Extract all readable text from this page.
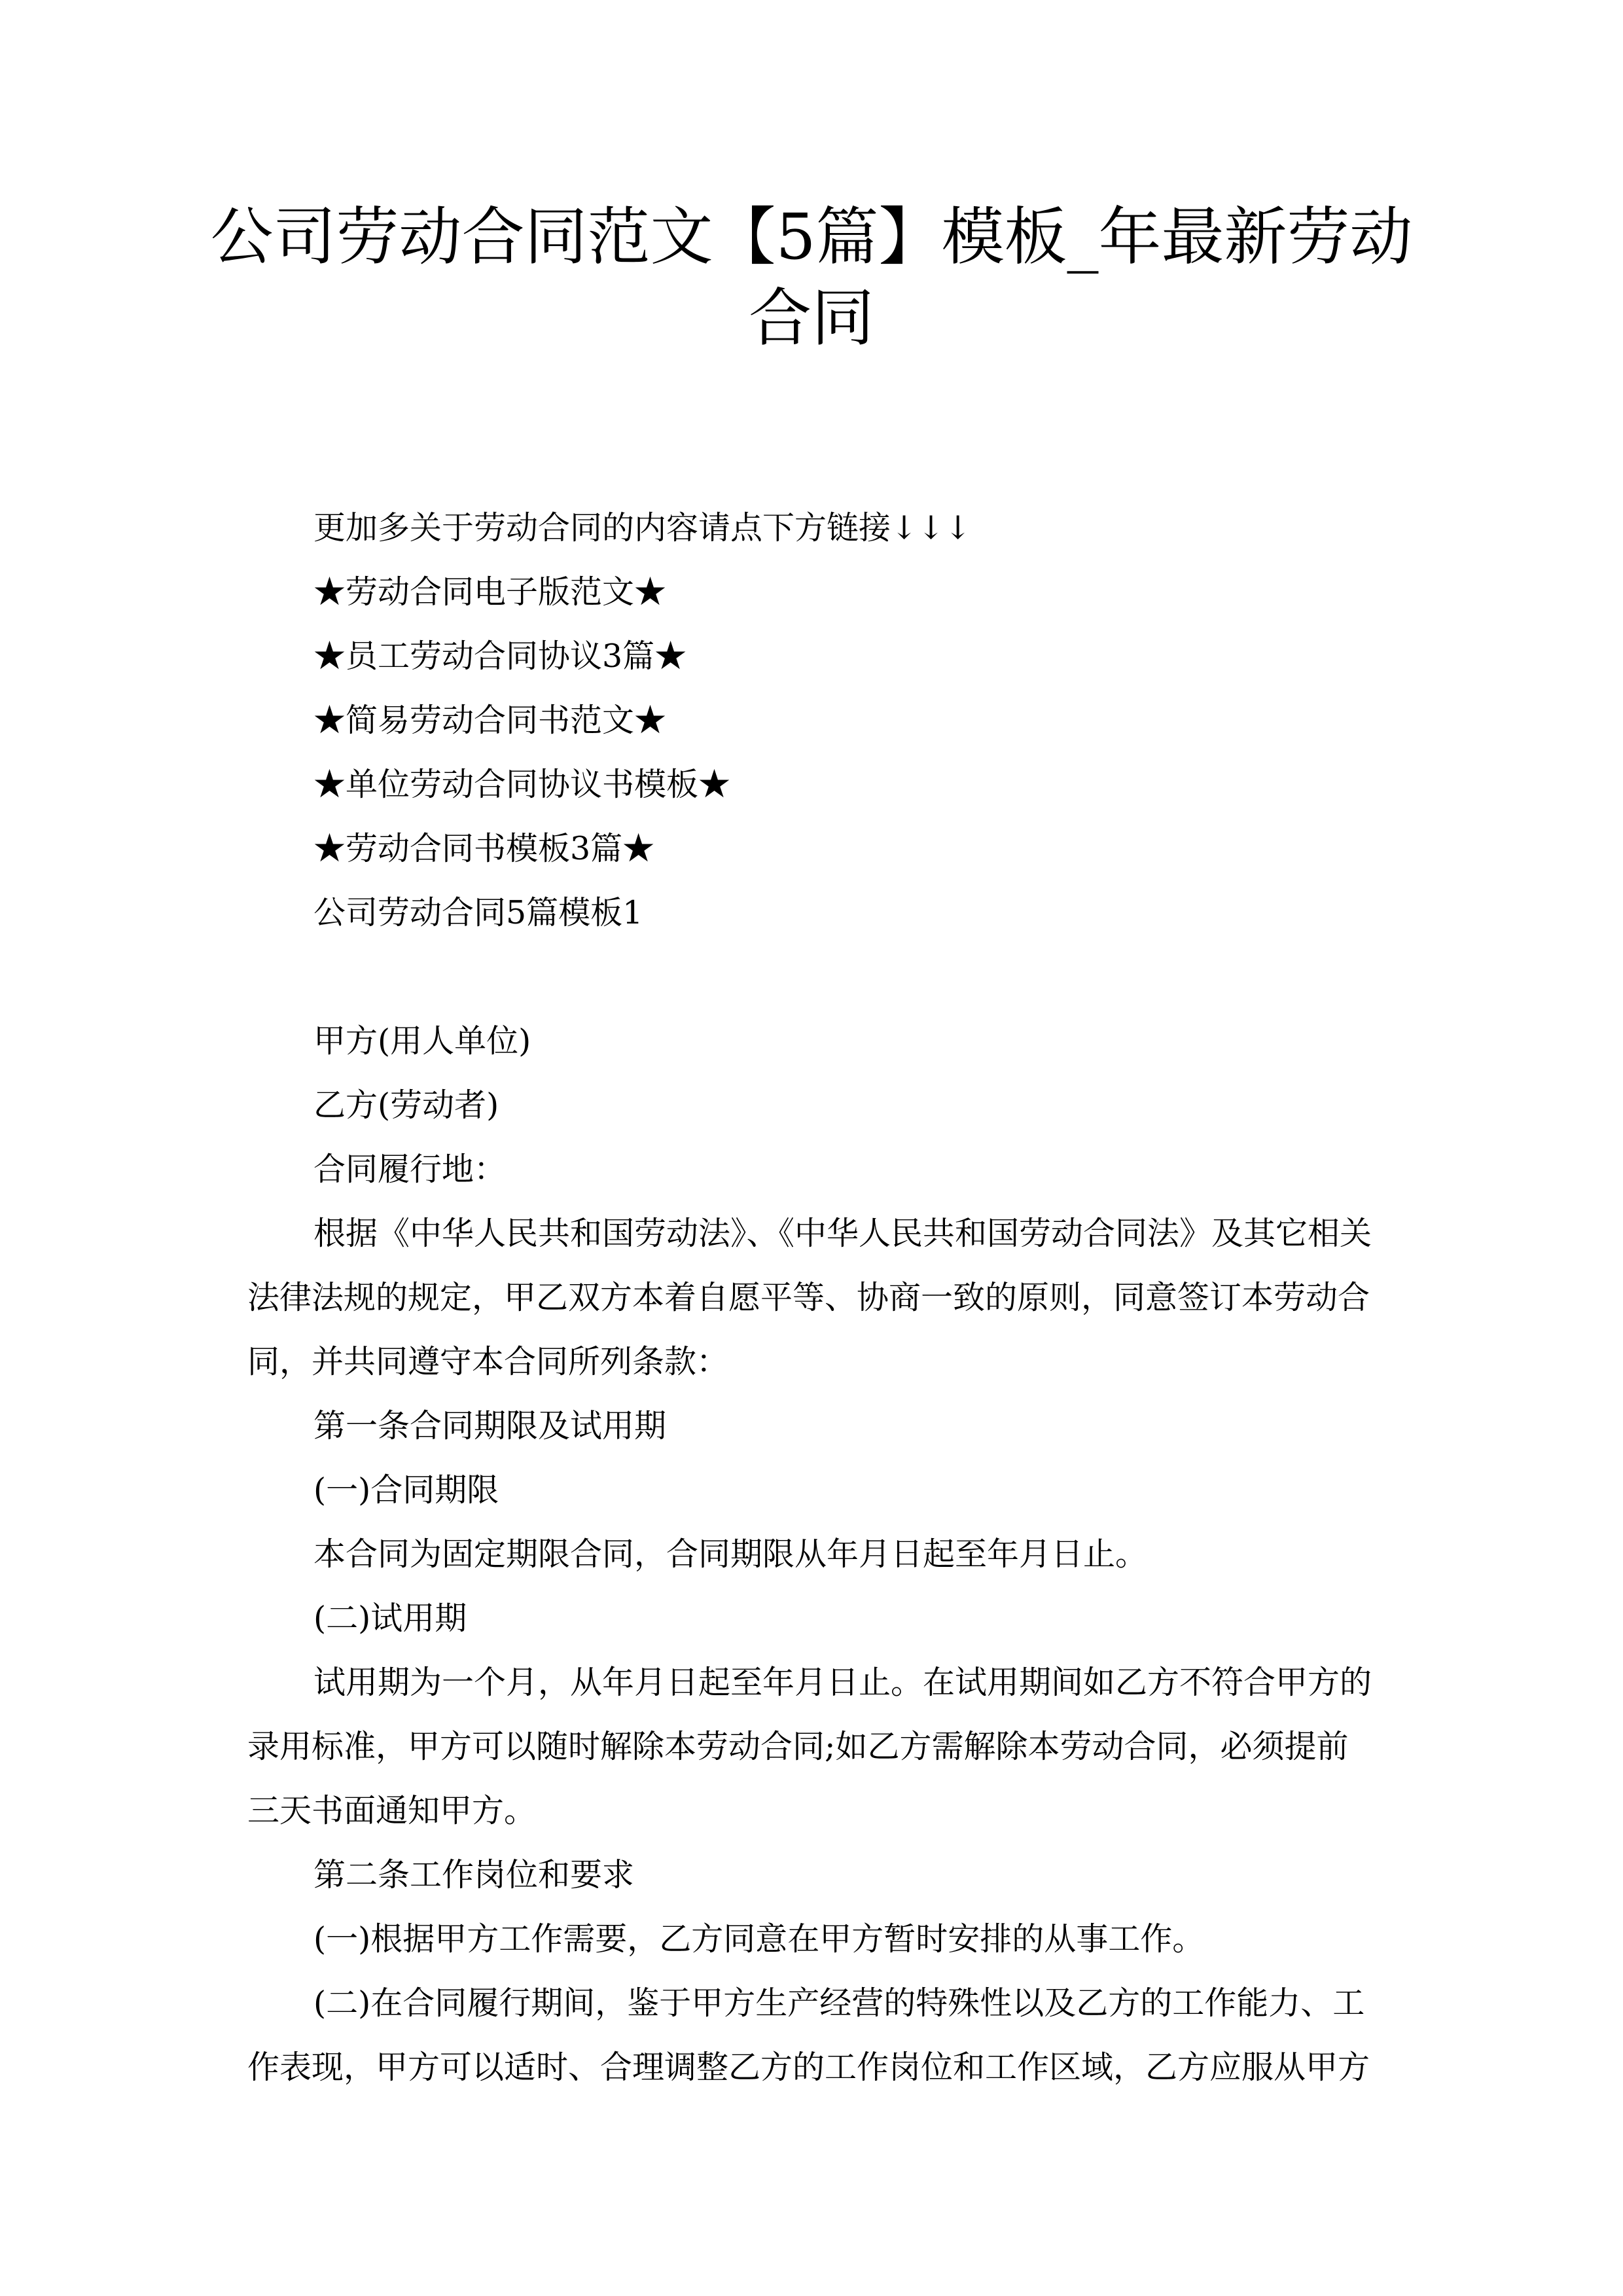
公司劳动合同范文【5篇】模板_年最新劳动
合同
更加多关于劳动合同的内容请点下方链接↓↓↓
★劳动合同电子版范文★
★员工劳动合同协议3篇★
★简易劳动合同书范文★
★单位劳动合同协议书模板★
★劳动合同书模板3篇★
公司劳动合同5篇模板1
甲方(用人单位)
乙方(劳动者)
合同履行地：
根据《中华人民共和国劳动法》、《中华人民共和国劳动合同法》及其它相关
法律法规的规定，甲乙双方本着自愿平等、协商一致的原则，同意签订本劳动合
同，并共同遵守本合同所列条款：
第一条合同期限及试用期
(一)合同期限
本合同为固定期限合同，合同期限从年月日起至年月日止。
(二)试用期
试用期为一个月，从年月日起至年月日止。在试用期间如乙方不符合甲方的
录用标准，甲方可以随时解除本劳动合同;如乙方需解除本劳动合同，必须提前
三天书面通知甲方。
第二条工作岗位和要求
(一)根据甲方工作需要，乙方同意在甲方暂时安排的从事工作。
(二)在合同履行期间，鉴于甲方生产经营的特殊性以及乙方的工作能力、工
作表现，甲方可以适时、合理调整乙方的工作岗位和工作区域，乙方应服从甲方
